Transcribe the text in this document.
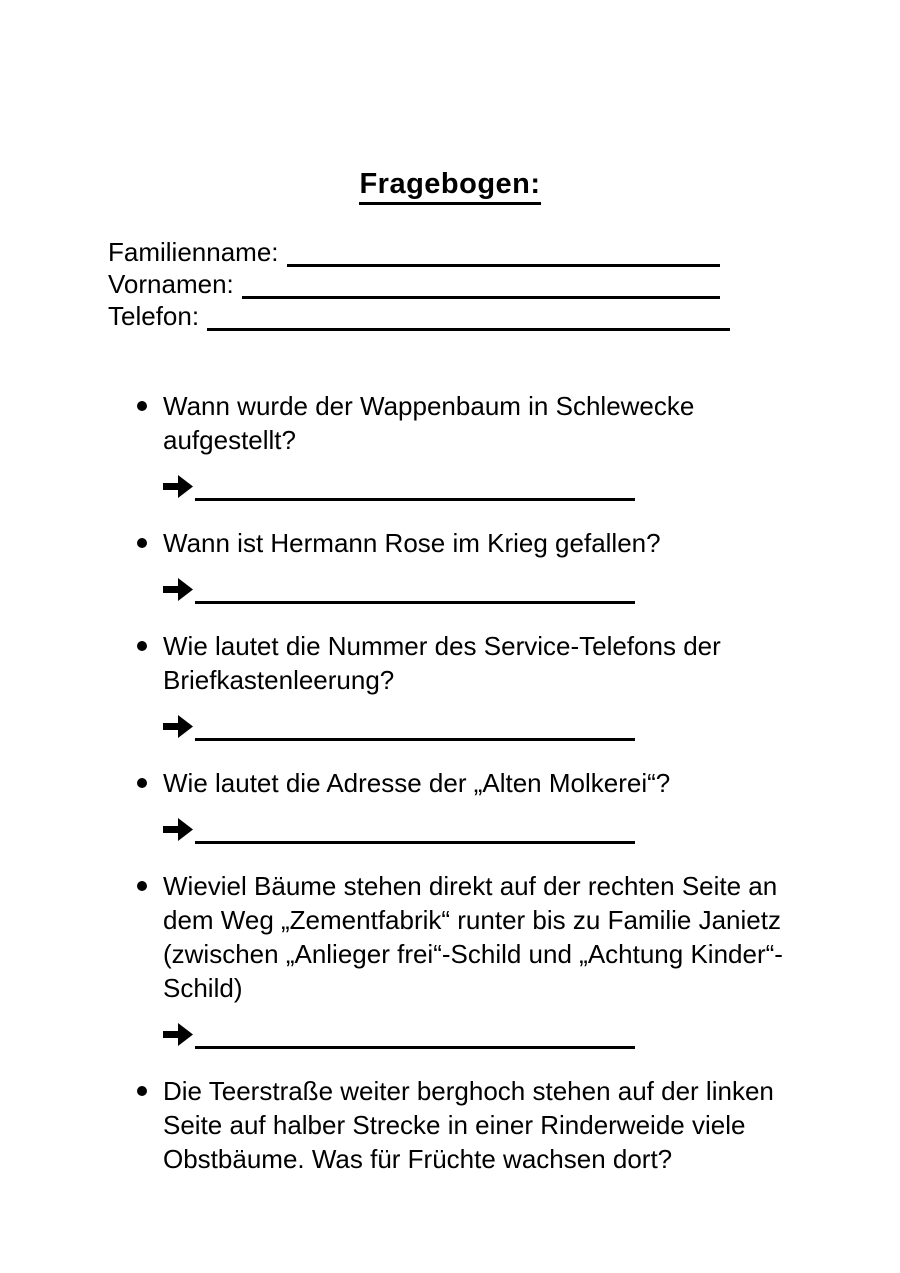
Fragebogen:
Familienname:
Vornamen:
Telefon:
Wann wurde der Wappenbaum in Schlewecke aufgestellt?
Wann ist Hermann Rose im Krieg gefallen?
Wie lautet die Nummer des Service-Telefons der Briefkastenleerung?
Wie lautet die Adresse der „Alten Molkerei“?
Wieviel Bäume stehen direkt auf der rechten Seite an dem Weg „Zementfabrik“ runter bis zu Familie Janietz (zwischen „Anlieger frei“-Schild und „Achtung Kinder“-Schild)
Die Teerstraße weiter berghoch stehen auf der linken Seite auf halber Strecke in einer Rinderweide viele Obstbäume. Was für Früchte wachsen dort?
